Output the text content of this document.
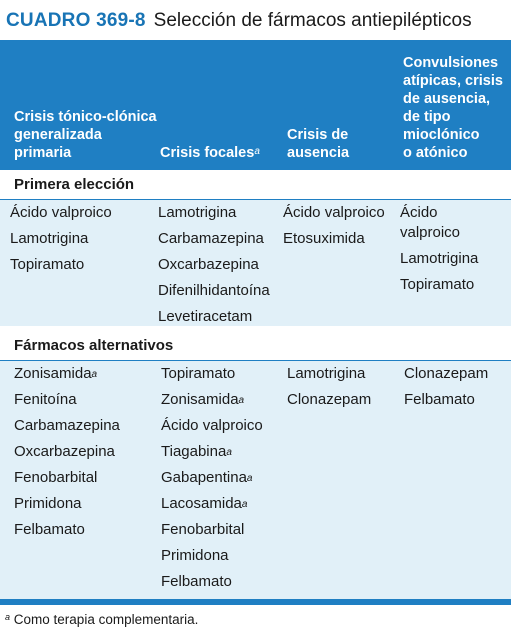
CUADRO 369-8 Selección de fármacos antiepilépticos
Crisis tónico-clónica
generalizada
primaria	Crisis focales$^a$
Crisis de
ausencia
Convulsiones
atípicas, crisis
de ausencia,
de tipo
mioclónico
o atónico
Primera elección
Ácido valproico
Lamotrigina
Topiramato
Lamotrigina
Carbamazepina
Oxcarbazepina
Difenilhidantoína
Levetiracetam
Ácido valproico
Etosuximida
Ácido valproico
Lamotrigina
Topiramato
Fármacos alternativos
Zonisamida$^a$
Fenitoína
Carbamazepina
Oxcarbazepina
Fenobarbital
Primidona
Felbamato
Topiramato
Zonisamida$^a$
Ácido valproico
Tiagabina$^a$
Gabapentina$^a$
Lacosamida$^a$
Fenobarbital
Primidona
Felbamato
Lamotrigina
Clonazepam
Clonazepam
Felbamato
$^a$ Como terapia complementaria.
